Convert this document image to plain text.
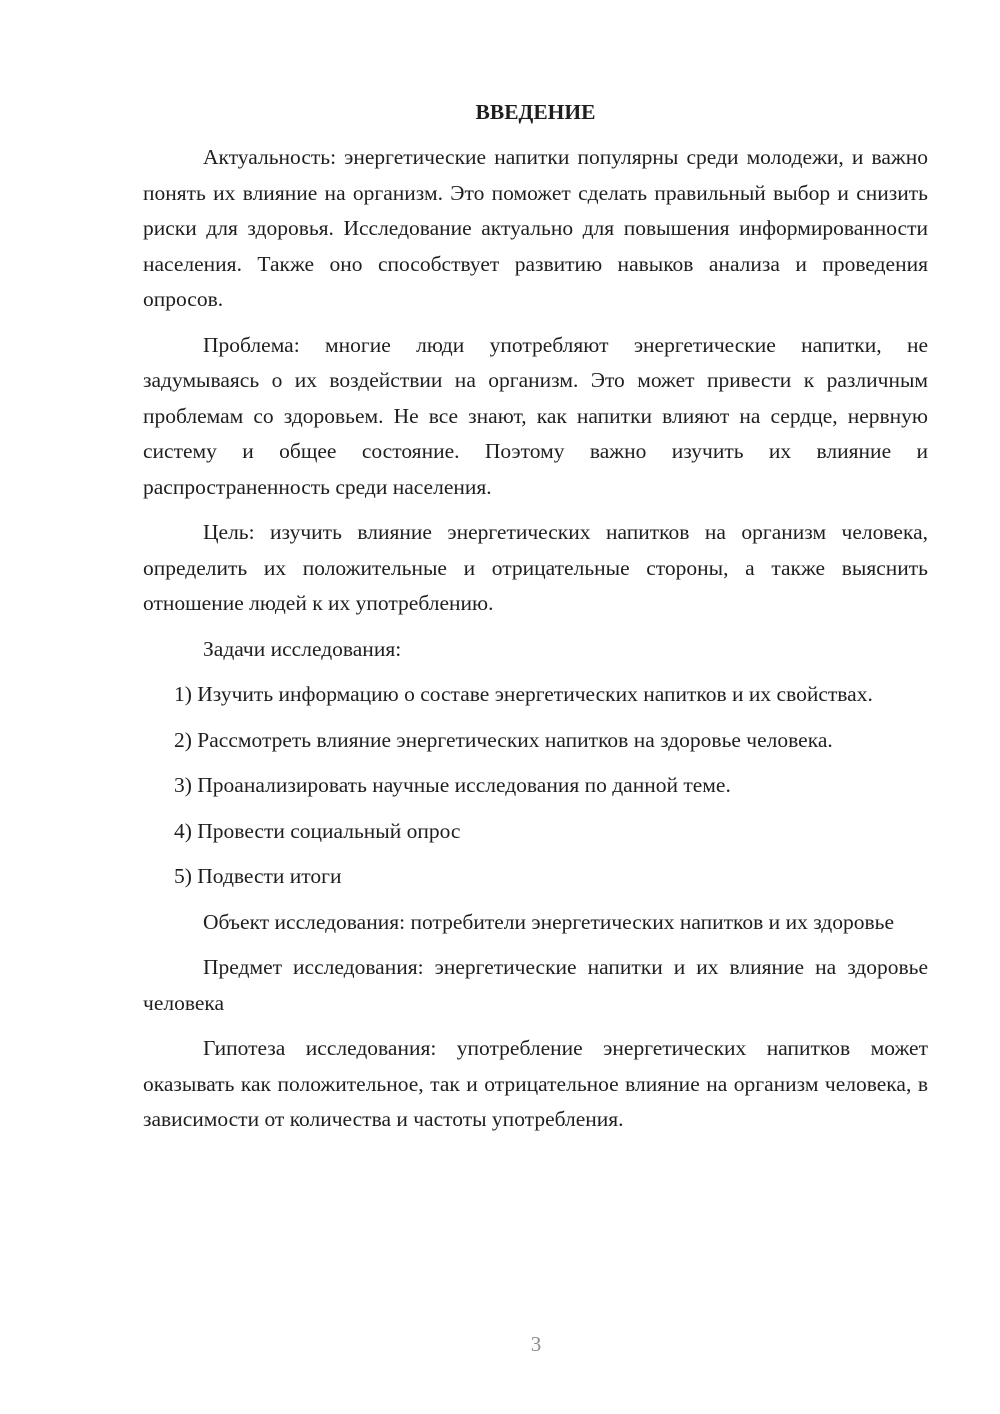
ВВЕДЕНИЕ

Актуальность: энергетические напитки популярны среди молодежи, и важно понять их влияние на организм. Это поможет сделать правильный выбор и снизить риски для здоровья. Исследование актуально для повышения информированности населения. Также оно способствует развитию навыков анализа и проведения опросов.

Проблема: многие люди употребляют энергетические напитки, не задумываясь о их воздействии на организм. Это может привести к различным проблемам со здоровьем. Не все знают, как напитки влияют на сердце, нервную систему и общее состояние. Поэтому важно изучить их влияние и распространенность среди населения.

Цель: изучить влияние энергетических напитков на организм человека, определить их положительные и отрицательные стороны, а также выяснить отношение людей к их употреблению.

Задачи исследования:

1) Изучить информацию о составе энергетических напитков и их свойствах.

2) Рассмотреть влияние энергетических напитков на здоровье человека.

3) Проанализировать научные исследования по данной теме.

4) Провести социальный опрос

5) Подвести итоги

Объект исследования: потребители энергетических напитков и их здоровье

Предмет исследования: энергетические напитки и их влияние на здоровье человека

Гипотеза исследования: употребление энергетических напитков может оказывать как положительное, так и отрицательное влияние на организм человека, в зависимости от количества и частоты употребления.

3
